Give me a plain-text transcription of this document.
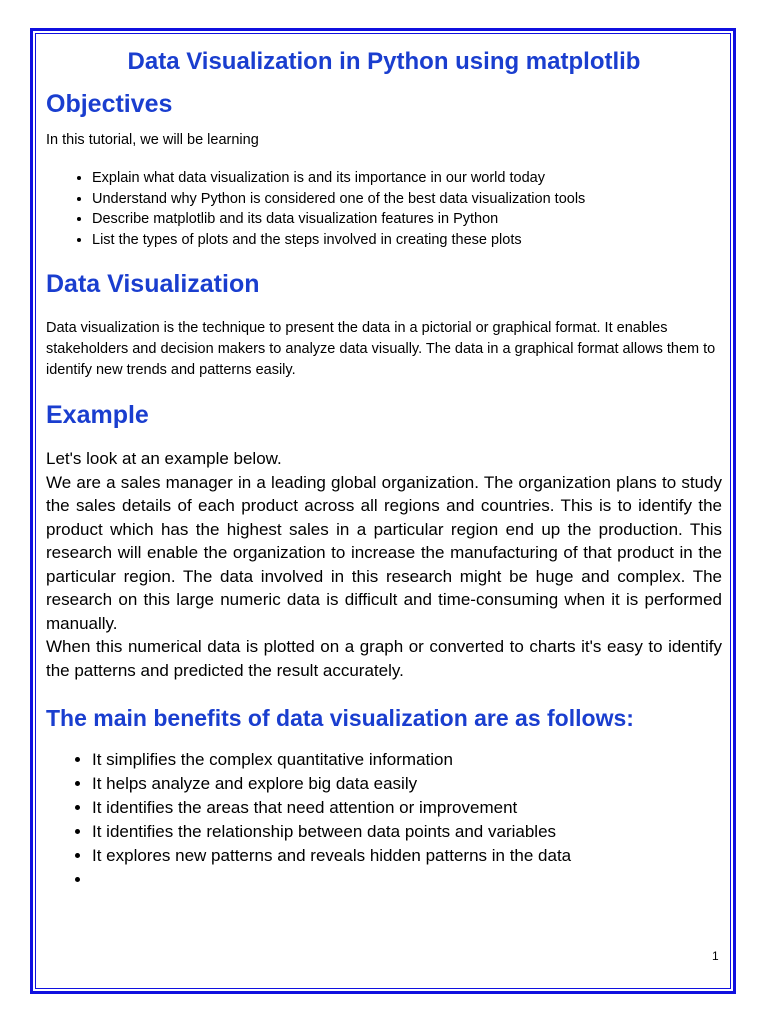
Data Visualization in Python using matplotlib
Objectives

In this tutorial, we will be learning

• Explain what data visualization is and its importance in our world today
• Understand why Python is considered one of the best data visualization tools
• Describe matplotlib and its data visualization features in Python
• List the types of plots and the steps involved in creating these plots
Data Visualization

Data visualization is the technique to present the data in a pictorial or graphical format. It enables stakeholders and decision makers to analyze data visually. The data in a graphical format allows them to identify new trends and patterns easily.

Example

Let's look at an example below.

We are a sales manager in a leading global organization. The organization plans to study the sales details of each product across all regions and countries. This is to identify the product which has the highest sales in a particular region end up the production. This research will enable the organization to increase the manufacturing of that product in the particular region. The data involved in this research might be huge and complex. The research on this large numeric data is difficult and time-consuming when it is performed manually.

When this numerical data is plotted on a graph or converted to charts it's easy to identify the patterns and predicted the result accurately.

The main benefits of data visualization are as follows:
• It simplifies the complex quantitative information
• It helps analyze and explore big data easily
• It identifies the areas that need attention or improvement
• It identifies the relationship between data points and variables
• It explores new patterns and reveals hidden patterns in the data
•
1
